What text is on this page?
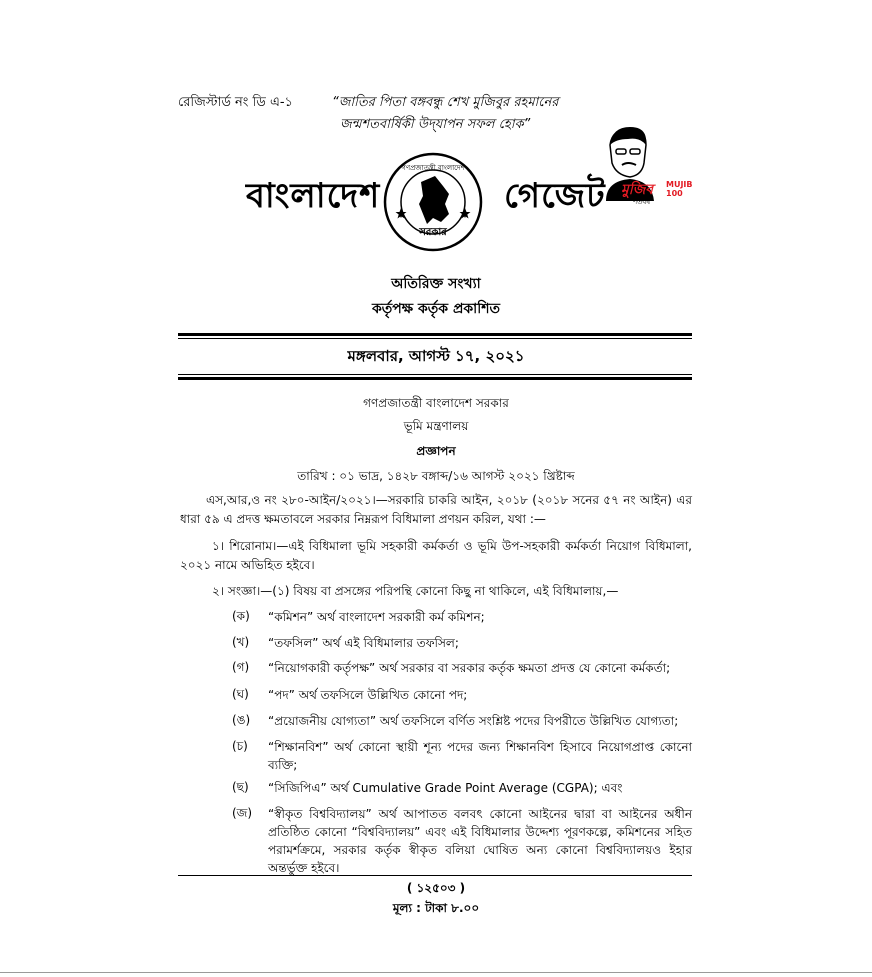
রেজিস্টার্ড নং ডি এ-১	“জাতির পিতা বঙ্গবন্ধু শেখ মুজিবুর রহমানের
জন্মশতবার্ষিকী উদ্‌যাপন সফল হোক”
বাংলাদেশ
সরকার
গণপ্রজাতন্ত্রী বাংলাদেশ
গেজেট মুজিব
শতবর্ষ
MUJIB 100
অতিরিক্ত সংখ্যা
কর্তৃপক্ষ কর্তৃক প্রকাশিত
মঙ্গলবার, আগস্ট ১৭, ২০২১
গণপ্রজাতন্ত্রী বাংলাদেশ সরকার
ভূমি মন্ত্রণালয়
প্রজ্ঞাপন
তারিখ : ০১ ভাদ্র, ১৪২৮ বঙ্গাব্দ/১৬ আগস্ট ২০২১ খ্রিষ্টাব্দ
এস,আর,ও নং ২৮০-আইন/২০২১।—সরকারি চাকরি আইন, ২০১৮ (২০১৮ সনের ৫৭ নং আইন) এর ধারা ৫৯ এ প্রদত্ত ক্ষমতাবলে সরকার নিম্নরূপ বিধিমালা প্রণয়ন করিল, যথা :—
১। শিরোনাম।—এই বিধিমালা ভূমি সহকারী কর্মকর্তা ও ভূমি উপ-সহকারী কর্মকর্তা নিয়োগ বিধিমালা, ২০২১ নামে অভিহিত হইবে।
২। সংজ্ঞা।—(১) বিষয় বা প্রসঙ্গের পরিপন্থি কোনো কিছু না থাকিলে, এই বিধিমালায়,—
(ক) “কমিশন” অর্থ বাংলাদেশ সরকারী কর্ম কমিশন;
(খ) “তফসিল” অর্থ এই বিধিমালার তফসিল;
(গ) “নিয়োগকারী কর্তৃপক্ষ” অর্থ সরকার বা সরকার কর্তৃক ক্ষমতা প্রদত্ত যে কোনো কর্মকর্তা;
(ঘ) “পদ” অর্থ তফসিলে উল্লিখিত কোনো পদ;
(ঙ) “প্রয়োজনীয় যোগ্যতা” অর্থ তফসিলে বর্ণিত সংশ্লিষ্ট পদের বিপরীতে উল্লিখিত যোগ্যতা;
(চ) “শিক্ষানবিশ” অর্থ কোনো স্থায়ী শূন্য পদের জন্য শিক্ষানবিশ হিসাবে নিয়োগপ্রাপ্ত কোনো ব্যক্তি;
(ছ) “সিজিপিএ” অর্থ Cumulative Grade Point Average (CGPA); এবং
(জ) “স্বীকৃত বিশ্ববিদ্যালয়” অর্থ আপাতত বলবৎ কোনো আইনের দ্বারা বা আইনের অধীন প্রতিষ্ঠিত কোনো “বিশ্ববিদ্যালয়” এবং এই বিধিমালার উদ্দেশ্য পূরণকল্পে, কমিশনের সহিত পরামর্শক্রমে, সরকার কর্তৃক স্বীকৃত বলিয়া ঘোষিত অন্য কোনো বিশ্ববিদ্যালয়ও ইহার অন্তর্ভুক্ত হইবে।
( ১২৫০৩ )
মূল্য : টাকা ৮.০০
